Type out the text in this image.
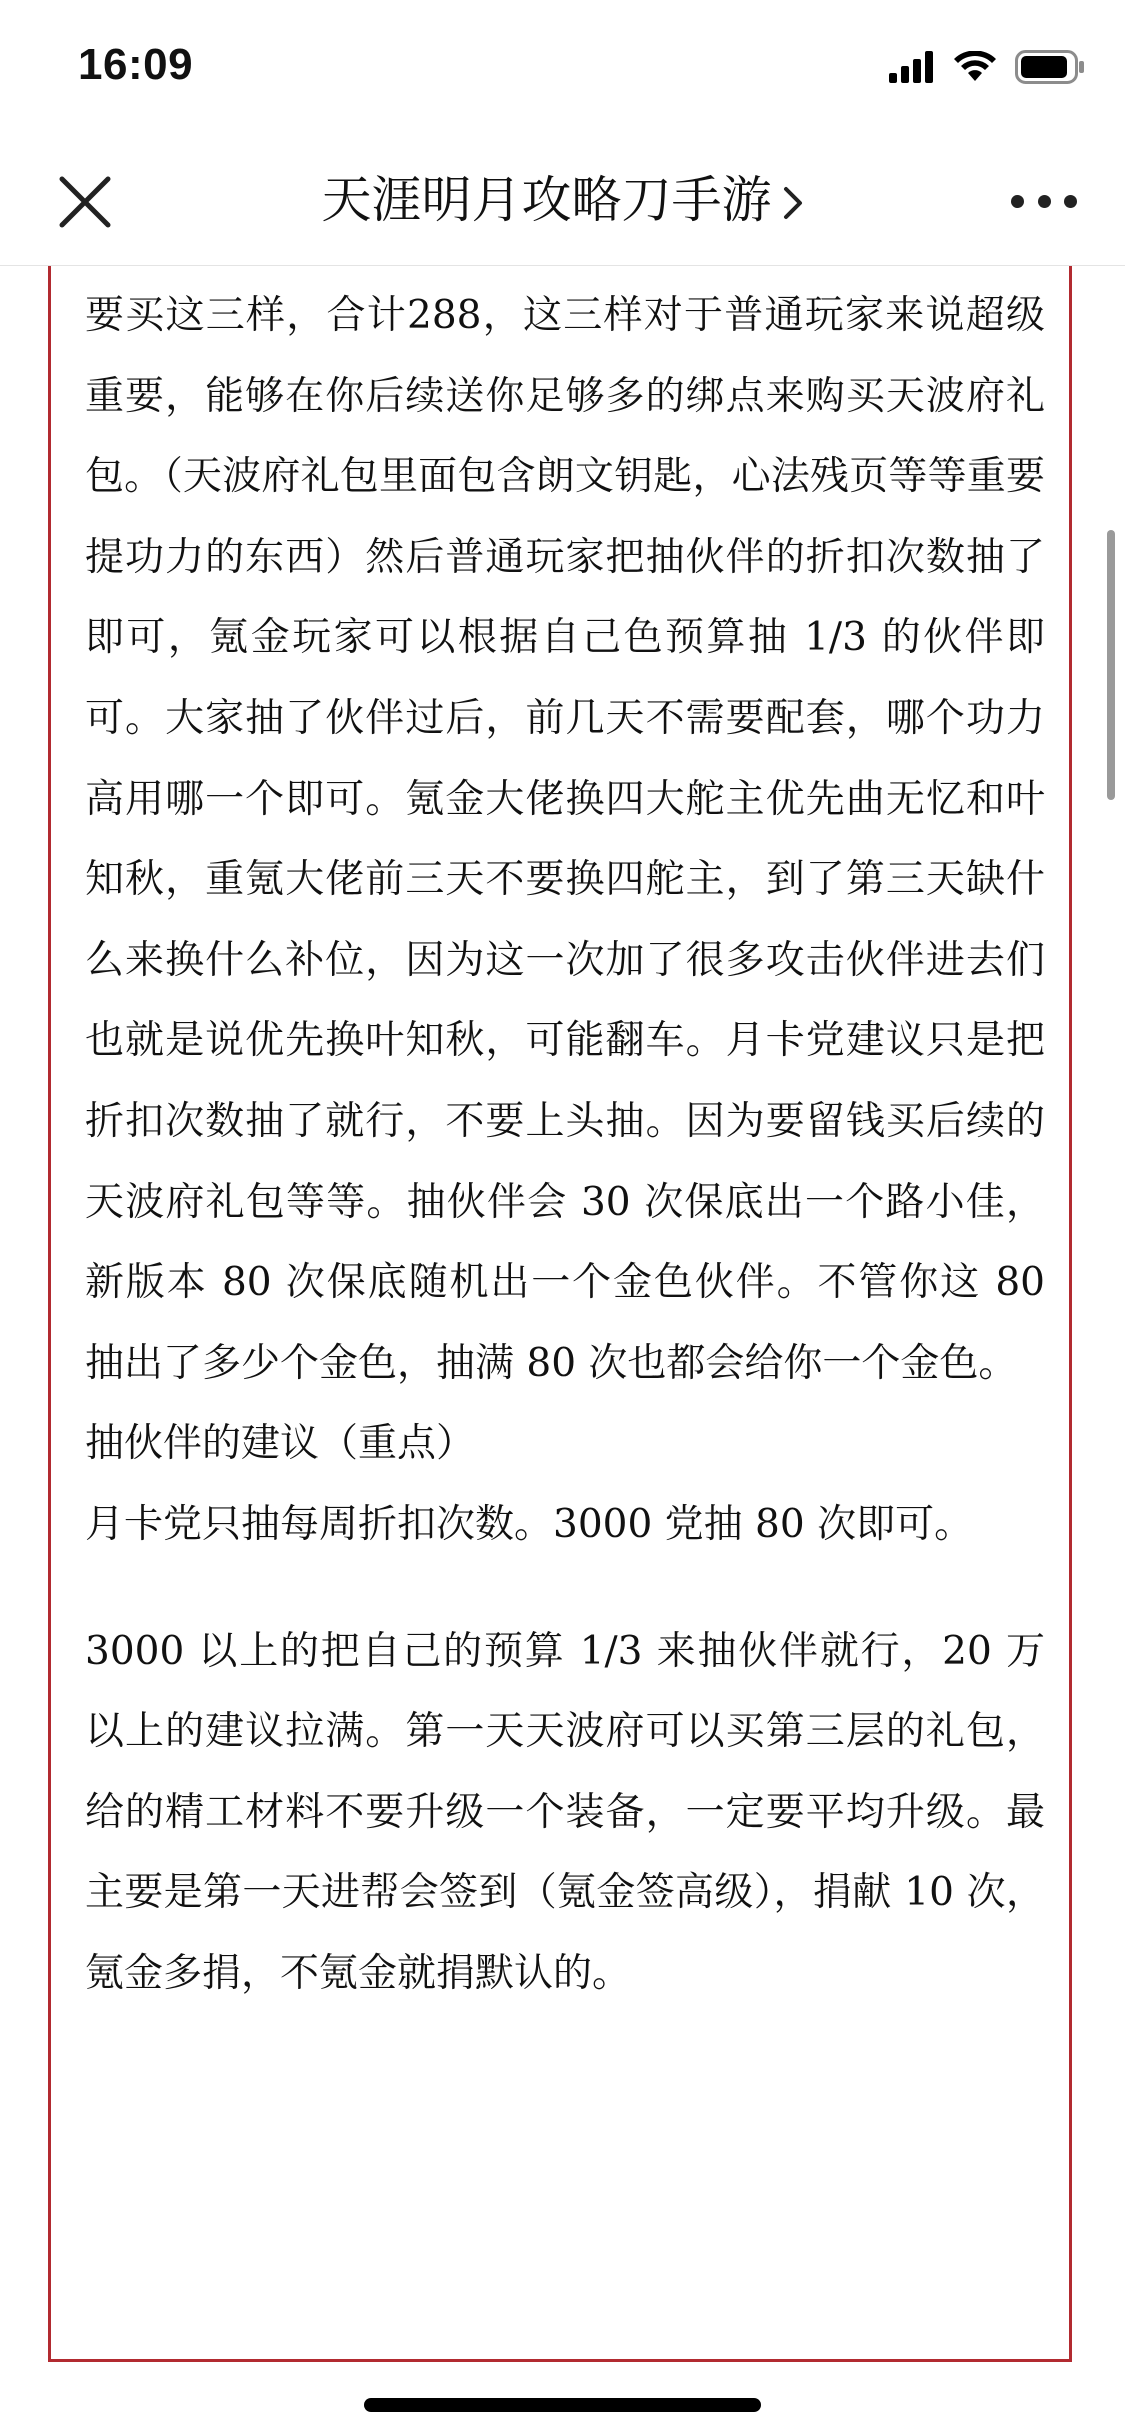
16:09
天涯明月攻略刀手游

要买这三样，合计288，这三样对于普通玩家来说超级重要，能够在你后续送你足够多的绑点来购买天波府礼包。（天波府礼包里面包含朗文钥匙，心法残页等等重要提功力的东西）然后普通玩家把抽伙伴的折扣次数抽了即可，氪金玩家可以根据自己色预算抽 1/3 的伙伴即可。大家抽了伙伴过后，前几天不需要配套，哪个功力高用哪一个即可。氪金大佬换四大舵主优先曲无忆和叶知秋，重氪大佬前三天不要换四舵主，到了第三天缺什么来换什么补位，因为这一次加了很多攻击伙伴进去们也就是说优先换叶知秋，可能翻车。月卡党建议只是把折扣次数抽了就行，不要上头抽。因为要留钱买后续的天波府礼包等等。抽伙伴会 30 次保底出一个路小佳，新版本 80 次保底随机出一个金色伙伴。不管你这 80 抽出了多少个金色，抽满 80 次也都会给你一个金色。

抽伙伴的建议（重点）

月卡党只抽每周折扣次数。3000 党抽 80 次即可。

3000 以上的把自己的预算 1/3 来抽伙伴就行，20 万以上的建议拉满。第一天天波府可以买第三层的礼包，给的精工材料不要升级一个装备，一定要平均升级。最主要是第一天进帮会签到（氪金签高级），捐献 10 次，氪金多捐，不氪金就捐默认的。
